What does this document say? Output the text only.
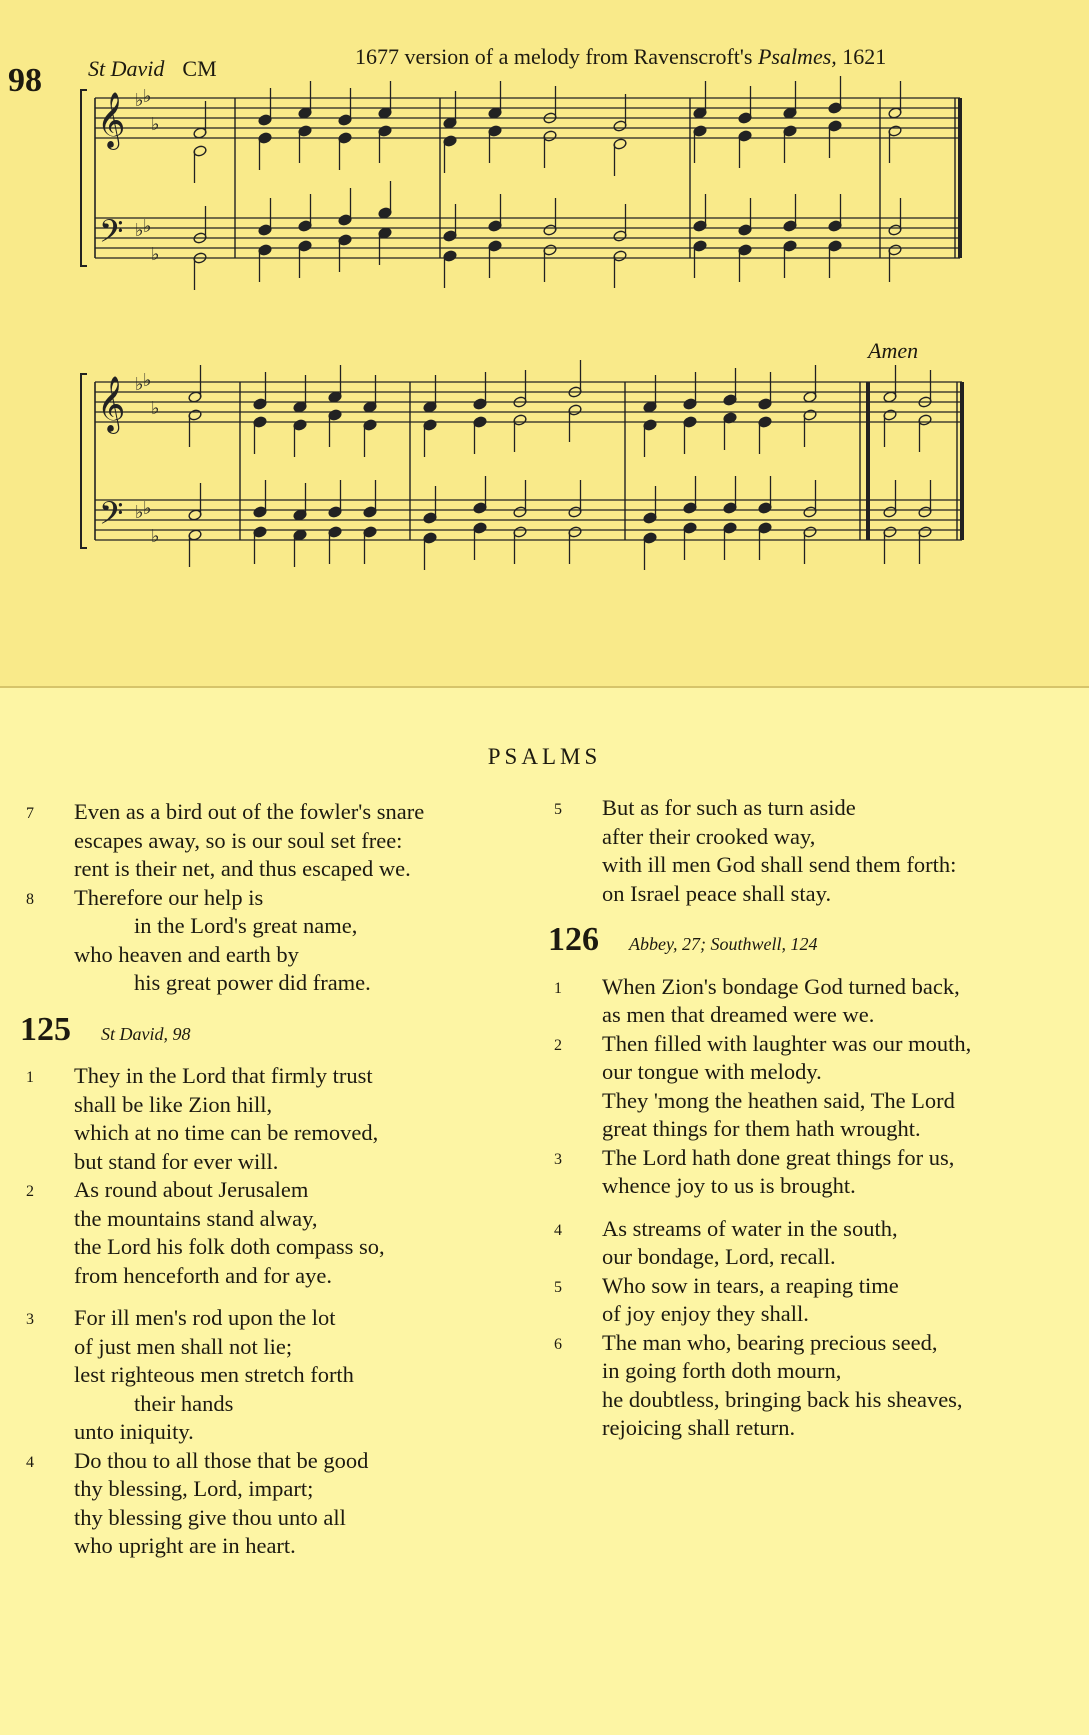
98 St David CM	1677 version of a melody from Ravenscroft's Psalmes, 1621
Amen
𝄞
𝄢
♭
♭
♭
♭
♭
♭
𝄞
𝄢
♭
♭
♭
♭
♭
♭
PSALMS
7 Even as a bird out of the fowler's snare
escapes away, so is our soul set free:
rent is their net, and thus escaped we.
8 Therefore our help is
in the Lord's great name,
who heaven and earth by
his great power did frame.
125 St David, 98
1 They in the Lord that firmly trust
shall be like Zion hill,
which at no time can be removed,
but stand for ever will.
2 As round about Jerusalem
the mountains stand alway,
the Lord his folk doth compass so,
from henceforth and for aye.
3 For ill men's rod upon the lot
of just men shall not lie;
lest righteous men stretch forth
their hands
unto iniquity.
4 Do thou to all those that be good
thy blessing, Lord, impart;
thy blessing give thou unto all
who upright are in heart.
5 But as for such as turn aside
after their crooked way,
with ill men God shall send them forth:
on Israel peace shall stay.
126 Abbey, 27; Southwell, 124
1 When Zion's bondage God turned back,
as men that dreamed were we.
2 Then filled with laughter was our mouth,
our tongue with melody.
They 'mong the heathen said, The Lord
great things for them hath wrought.
3 The Lord hath done great things for us,
whence joy to us is brought.
4 As streams of water in the south,
our bondage, Lord, recall.
5 Who sow in tears, a reaping time
of joy enjoy they shall.
6 The man who, bearing precious seed,
in going forth doth mourn,
he doubtless, bringing back his sheaves,
rejoicing shall return.
